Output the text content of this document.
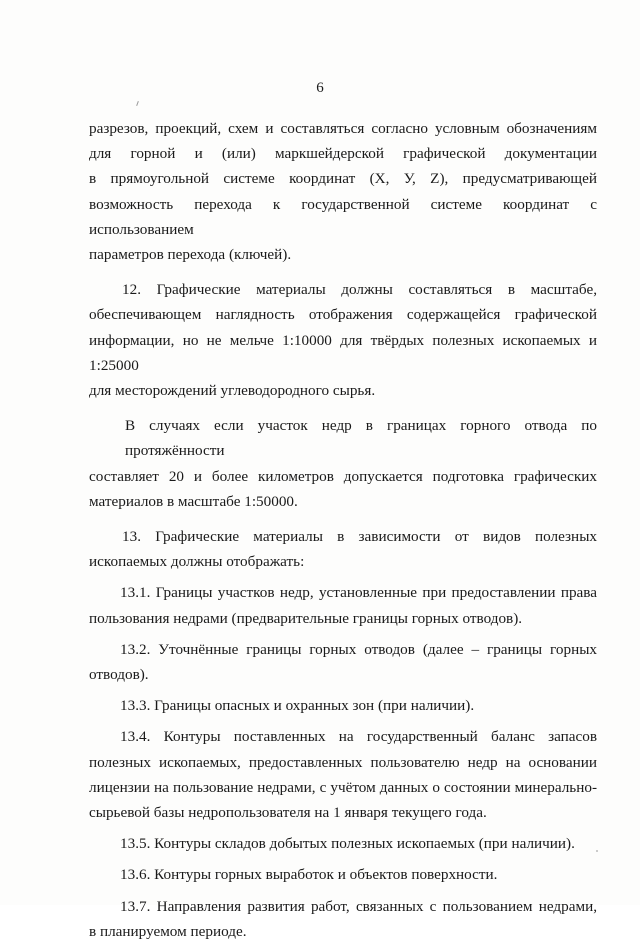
6
разрезов, проекций, схем и составляться согласно условным обозначениям
для горной и (или) маркшейдерской графической документации
в прямоугольной системе координат (X, У, Z), предусматривающей
возможность перехода к государственной системе координат с использованием
параметров перехода (ключей).
12. Графические материалы должны составляться в масштабе,
обеспечивающем наглядность отображения содержащейся графической
информации, но не мельче 1:10000 для твёрдых полезных ископаемых и 1:25000
для месторождений углеводородного сырья.
В случаях если участок недр в границах горного отвода по протяжённости
составляет 20 и более километров допускается подготовка графических
материалов в масштабе 1:50000.
13. Графические материалы в зависимости от видов полезных
ископаемых должны отображать:
13.1. Границы участков недр, установленные при предоставлении права
пользования недрами (предварительные границы горных отводов).
13.2. Уточнённые границы горных отводов (далее – границы горных
отводов).
13.3. Границы опасных и охранных зон (при наличии).
13.4. Контуры поставленных на государственный баланс запасов
полезных ископаемых, предоставленных пользователю недр на основании
лицензии на пользование недрами, с учётом данных о состоянии минерально-
сырьевой базы недропользователя на 1 января текущего года.
13.5. Контуры складов добытых полезных ископаемых (при наличии).
13.6. Контуры горных выработок и объектов поверхности.
13.7. Направления развития работ, связанных с пользованием недрами,
в планируемом периоде.
